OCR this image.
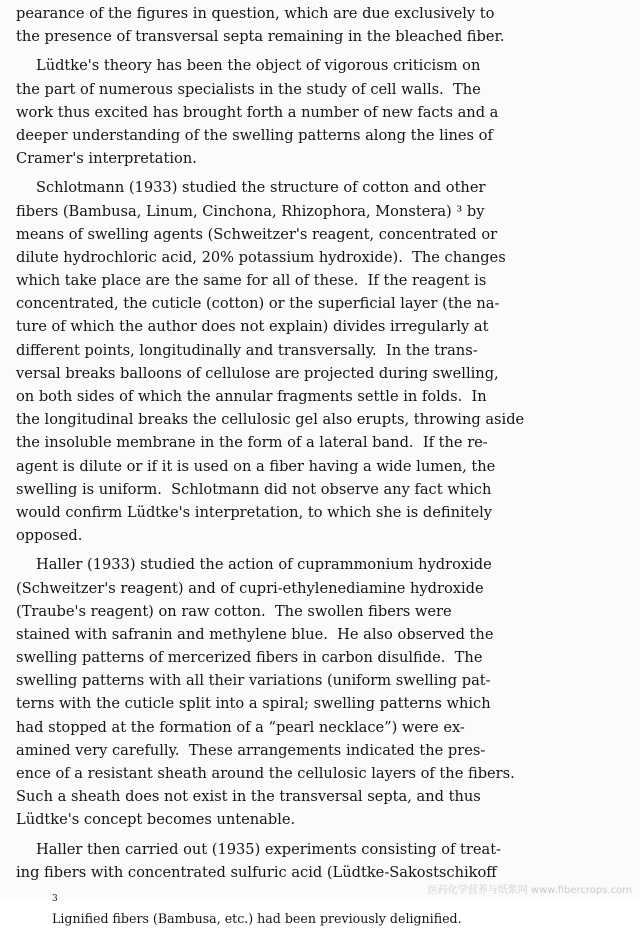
pearance of the figures in question, which are due exclusively to
the presence of transversal septa remaining in the bleached fiber.
Lüdtke's theory has been the object of vigorous criticism on
the part of numerous specialists in the study of cell walls.  The
work thus excited has brought forth a number of new facts and a
deeper understanding of the swelling patterns along the lines of
Cramer's interpretation.
Schlotmann (1933) studied the structure of cotton and other
fibers (Bambusa, Linum, Cinchona, Rhizophora, Monstera) ³ by
means of swelling agents (Schweitzer's reagent, concentrated or
dilute hydrochloric acid, 20% potassium hydroxide).  The changes
which take place are the same for all of these.  If the reagent is
concentrated, the cuticle (cotton) or the superficial layer (the na-
ture of which the author does not explain) divides irregularly at
different points, longitudinally and transversally.  In the trans-
versal breaks balloons of cellulose are projected during swelling,
on both sides of which the annular fragments settle in folds.  In
the longitudinal breaks the cellulosic gel also erupts, throwing aside
the insoluble membrane in the form of a lateral band.  If the re-
agent is dilute or if it is used on a fiber having a wide lumen, the
swelling is uniform.  Schlotmann did not observe any fact which
would confirm Lüdtke's interpretation, to which she is definitely
opposed.
Haller (1933) studied the action of cuprammonium hydroxide
(Schweitzer's reagent) and of cupri-ethylenediamine hydroxide
(Traube's reagent) on raw cotton.  The swollen fibers were
stained with safranin and methylene blue.  He also observed the
swelling patterns of mercerized fibers in carbon disulfide.  The
swelling patterns with all their variations (uniform swelling pat-
terns with the cuticle split into a spiral; swelling patterns which
had stopped at the formation of a “pearl necklace”) were ex-
amined very carefully.  These arrangements indicated the pres-
ence of a resistant sheath around the cellulosic layers of the fibers.
Such a sheath does not exist in the transversal septa, and thus
Lüdtke's concept becomes untenable.
Haller then carried out (1935) experiments consisting of treat-
ing fibers with concentrated sulfuric acid (Lüdtke-Sakostschikoff

$^3$
Lignified fibers (Bambusa, etc.) had been previously delignified.

医药化学营养与纸浆网 www.fibercrops.com
